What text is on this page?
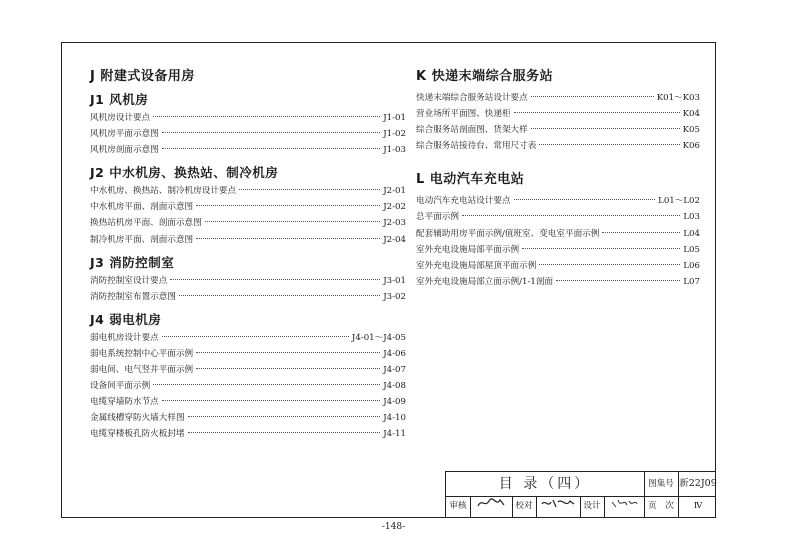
J 附建式设备用房
J1 风机房
风机房设计要点	J1-01
风机房平面示意图	J1-02
风机房剖面示意图	J1-03
J2 中水机房、换热站、制冷机房
中水机房、换热站、制冷机房设计要点	J2-01
中水机房平面、剖面示意图	J2-02
换热站机房平面、剖面示意图	J2-03
制冷机房平面、剖面示意图	J2-04
J3 消防控制室
消防控制室设计要点	J3-01
消防控制室布置示意图	J3-02
J4 弱电机房
弱电机房设计要点	J4-01～J4-05
弱电系统控制中心平面示例	J4-06
弱电间、电气竖井平面示例	J4-07
设备间平面示例	J4-08
电缆穿墙防水节点	J4-09
金属线槽穿防火墙大样图	J4-10
电缆穿楼板孔防火板封堵	J4-11
K 快递末端综合服务站
快递末端综合服务站设计要点	K01～K03
营业场所平面图、快递柜	K04
综合服务站剖面图、货架大样	K05
综合服务站接待台、常用尺寸表	K06
L 电动汽车充电站
电动汽车充电站设计要点	L01～L02
总平面示例	L03
配套辅助用房平面示例/值班室、变电室平面示例	L04
室外充电设施局部平面示例	L05
室外充电设施局部屋顶平面示例	L06
室外充电设施局部立面示例/1-1剖面	L07
目 录（四）	图集号 新22J09
审核	校对	设计	页　次	Ⅳ
-148-
